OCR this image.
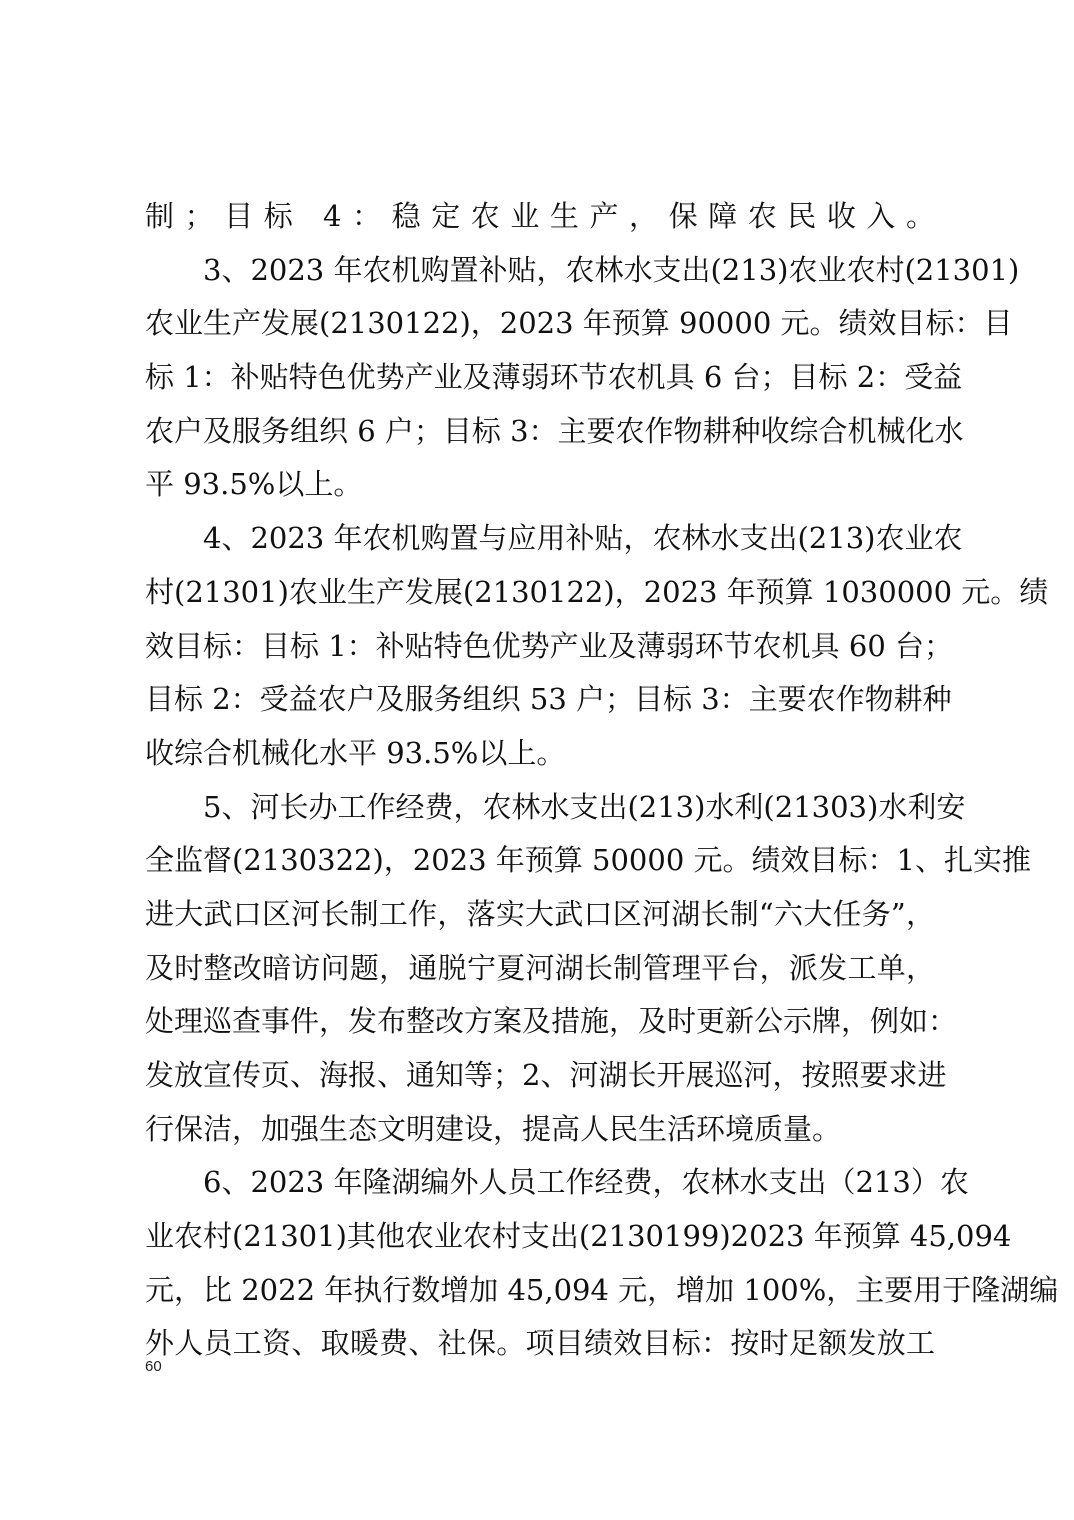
制；目标 4：稳定农业生产，保障农民收入。
3、2023 年农机购置补贴，农林水支出(213)农业农村(21301)
农业生产发展(2130122)，2023 年预算 90000 元。绩效目标：目
标 1：补贴特色优势产业及薄弱环节农机具 6 台；目标 2：受益
农户及服务组织 6 户；目标 3：主要农作物耕种收综合机械化水
平 93.5%以上。
4、2023 年农机购置与应用补贴，农林水支出(213)农业农
村(21301)农业生产发展(2130122)，2023 年预算 1030000 元。绩
效目标：目标 1：补贴特色优势产业及薄弱环节农机具 60 台；
目标 2：受益农户及服务组织 53 户；目标 3：主要农作物耕种
收综合机械化水平 93.5%以上。
5、河长办工作经费，农林水支出(213)水利(21303)水利安
全监督(2130322)，2023 年预算 50000 元。绩效目标：1、扎实推
进大武口区河长制工作，落实大武口区河湖长制“六大任务”，
及时整改暗访问题，通脱宁夏河湖长制管理平台，派发工单，
处理巡查事件，发布整改方案及措施，及时更新公示牌，例如：
发放宣传页、海报、通知等；2、河湖长开展巡河，按照要求进
行保洁，加强生态文明建设，提高人民生活环境质量。
6、2023 年隆湖编外人员工作经费，农林水支出（213）农
业农村(21301)其他农业农村支出(2130199)2023 年预算 45,094
元，比 2022 年执行数增加 45,094 元，增加 100%，主要用于隆湖编
外人员工资、取暖费、社保。项目绩效目标：按时足额发放工
60
